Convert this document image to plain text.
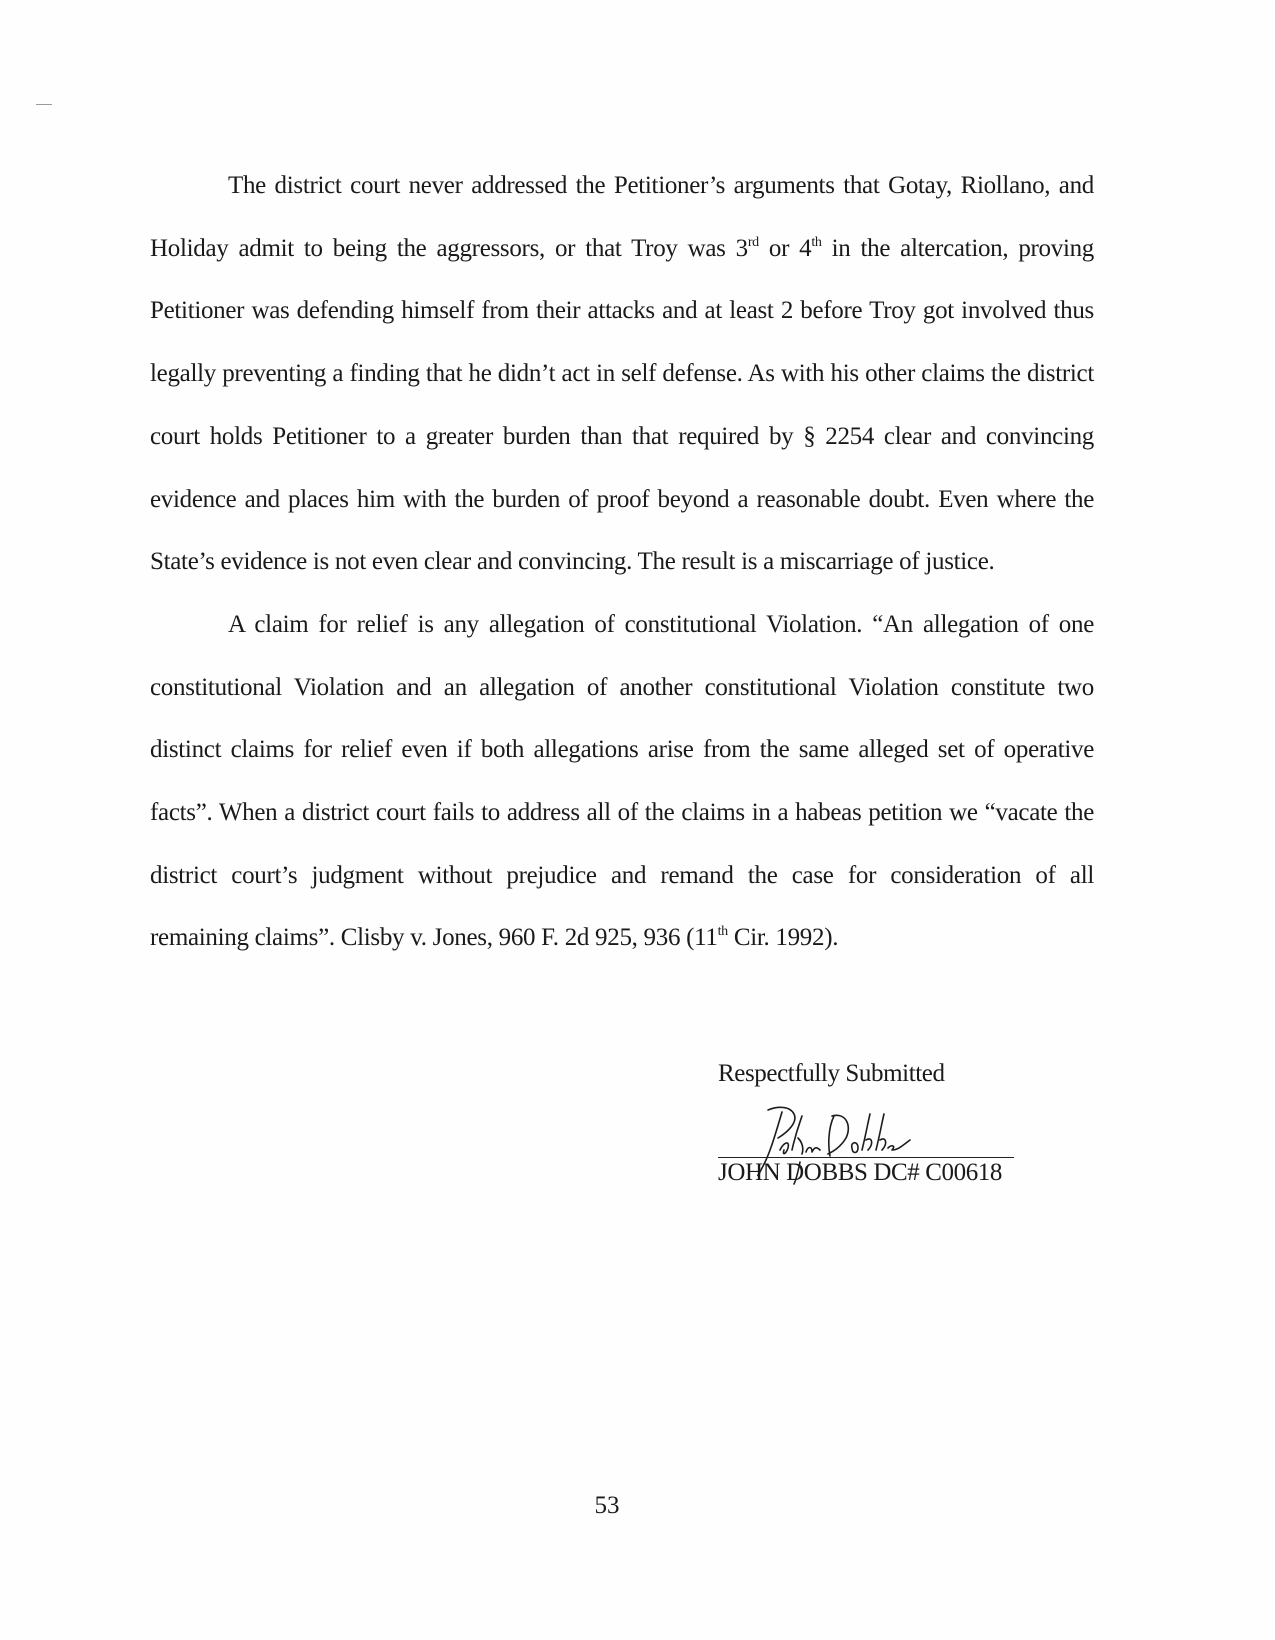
The district court never addressed the Petitioner’s arguments that Gotay, Riollano, and Holiday admit to being the aggressors, or that Troy was 3rd or 4th in the altercation, proving Petitioner was defending himself from their attacks and at least 2 before Troy got involved thus legally preventing a finding that he didn’t act in self defense. As with his other claims the district court holds Petitioner to a greater burden than that required by § 2254 clear and convincing evidence and places him with the burden of proof beyond a reasonable doubt. Even where the State’s evidence is not even clear and convincing. The result is a miscarriage of justice.

A claim for relief is any allegation of constitutional Violation. “An allegation of one constitutional Violation and an allegation of another constitutional Violation constitute two distinct claims for relief even if both allegations arise from the same alleged set of operative facts”. When a district court fails to address all of the claims in a habeas petition we “vacate the district court’s judgment without prejudice and remand the case for consideration of all remaining claims”. Clisby v. Jones, 960 F. 2d 925, 936 (11th Cir. 1992).

Respectfully Submitted
JOHN DOBBS DC# C00618
53
